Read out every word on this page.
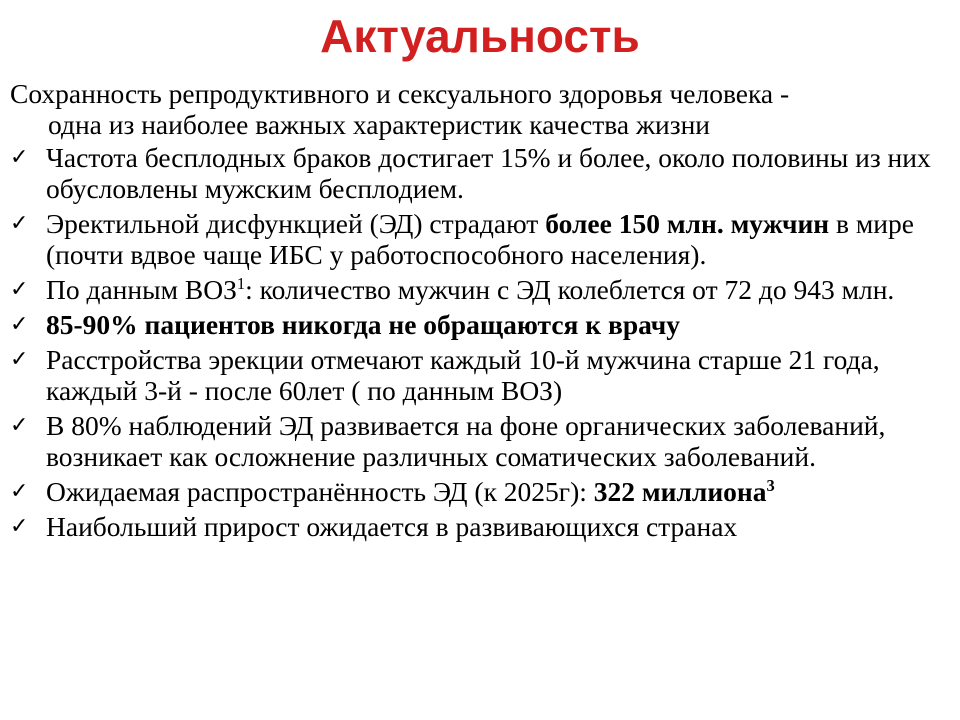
Актуальность
Сохранность репродуктивного и сексуального здоровья человека -
одна из наиболее важных характеристик качества жизни
✓ Частота бесплодных браков достигает 15% и более, около половины из них обусловлены мужским бесплодием.
✓ Эректильной дисфункцией (ЭД) страдают более 150 млн. мужчин в мире (почти вдвое чаще ИБС у работоспособного населения).
✓ По данным ВОЗ$^1$: количество мужчин с ЭД колеблется от 72 до 943 млн.
✓ 85-90% пациентов никогда не обращаются к врачу
✓ Расстройства эрекции отмечают каждый 10-й мужчина старше 21 года, каждый 3-й - после 60лет ( по данным ВОЗ)
✓ В 80% наблюдений ЭД развивается на фоне органических заболеваний, возникает как осложнение различных соматических заболеваний.
✓ Ожидаемая распространённость ЭД (к 2025г): 322 миллиона$^3$
✓ Наибольший прирост ожидается в развивающихся странах
